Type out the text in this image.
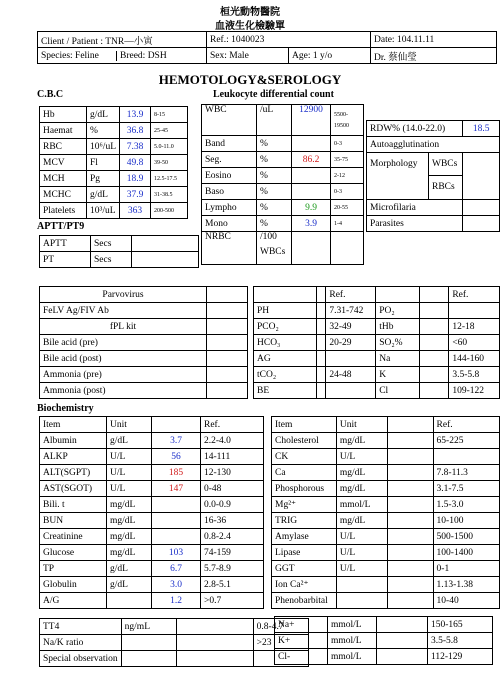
桓光動物醫院
血液生化檢驗單
Client / Patient : TNR—小寅	Ref.: 1040023		Date: 104.11.11
Species: Feline Breed: DSH	Sex: Male	Age: 1 y/o	Dr. 蔡仙瑩
HEMOTOLOGY&SEROLOGY
C.B.C
Hb	g/dL	13.9	8-15
Haemat	%	36.8	25-45
RBC	10⁶/uL	7.38	5.0-11.0
MCV	Fl	49.8	39-50
MCH	Pg	18.9	12.5-17.5
MCHC	g/dL	37.9	31-38.5
Platelets	10³/uL	363	200-500
APTT/PT9
APTT	Secs	
PT	Secs	
Leukocyte differential count
WBC	/uL	12900	5500-
19500

Band	%		0-3
Seg.	%	86.2	35-75
Eosino	%		2-12
Baso	%		0-3
Lympho	%	9.9	20-55
Mono	%	3.9	1-4
NRBC	/100
WBCs		

RDW% (14.0-22.0)	18.5
Autoagglutination	

Morphology WBCs
RBCs	

Microfilaria	
Parasites	
Parvovirus	
FeLV Ag/FIV Ab	
fPL kit	
Bile acid (pre)	
Bile acid (post)	
Ammonia (pre)	
Ammonia (post)	
		Ref.			Ref.
PH		7.31-742	PO₂		
PCO₂		32-49	tHb		12-18
HCO₃		20-29	SO₂%		<60
AG			Na		144-160
tCO₂		24-48	K		3.5-5.8
BE			Cl		109-122
Biochemistry
Item	Unit		Ref.
Albumin	g/dL	3.7	2.2-4.0
ALKP	U/L	56	14-111
ALT(SGPT)	U/L	185	12-130
AST(SGOT)	U/L	147	0-48
Bili. t	mg/dL		0.0-0.9
BUN	mg/dL		16-36
Creatinine	mg/dL		0.8-2.4
Glucose	mg/dL	103	74-159
TP	g/dL	6.7	5.7-8.9
Globulin	g/dL	3.0	2.8-5.1
A/G		1.2	>0.7
Item	Unit		Ref.
Cholesterol	mg/dL		65-225
CK	U/L		
Ca	mg/dL		7.8-11.3
Phosphorous	mg/dL		3.1-7.5
Mg²⁺	mmol/L		1.5-3.0
TRIG	mg/dL		10-100
Amylase	U/L		500-1500
Lipase	U/L		100-1400
GGT	U/L		0-1
Ion Ca²⁺			1.13-1.38
Phenobarbital			10-40
TT4	ng/mL		0.8-4.7
Na/K ratio			>23
Special observation			
Na+	mmol/L		150-165
K+	mmol/L		3.5-5.8
Cl-	mmol/L		112-129
